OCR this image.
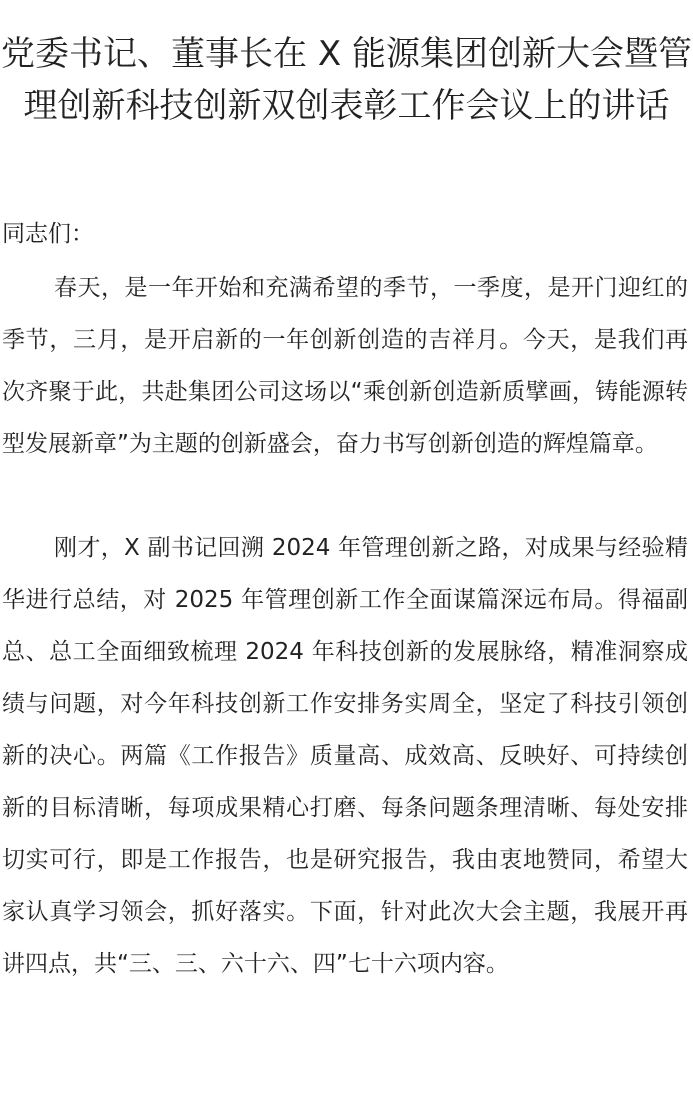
党委书记、董事长在 X 能源集团创新大会暨管理创新科技创新双创表彰工作会议上的讲话

同志们：

春天，是一年开始和充满希望的季节，一季度，是开门迎红的季节，三月，是开启新的一年创新创造的吉祥月。今天，是我们再次齐聚于此，共赴集团公司这场以“乘创新创造新质擘画，铸能源转型发展新章”为主题的创新盛会，奋力书写创新创造的辉煌篇章。

刚才，X 副书记回溯 2024 年管理创新之路，对成果与经验精华进行总结，对 2025 年管理创新工作全面谋篇深远布局。得福副总、总工全面细致梳理 2024 年科技创新的发展脉络，精准洞察成绩与问题，对今年科技创新工作安排务实周全，坚定了科技引领创新的决心。两篇《工作报告》质量高、成效高、反映好、可持续创新的目标清晰，每项成果精心打磨、每条问题条理清晰、每处安排切实可行，即是工作报告，也是研究报告，我由衷地赞同，希望大家认真学习领会，抓好落实。下面，针对此次大会主题，我展开再讲四点，共“三、三、六十六、四”七十六项内容。
